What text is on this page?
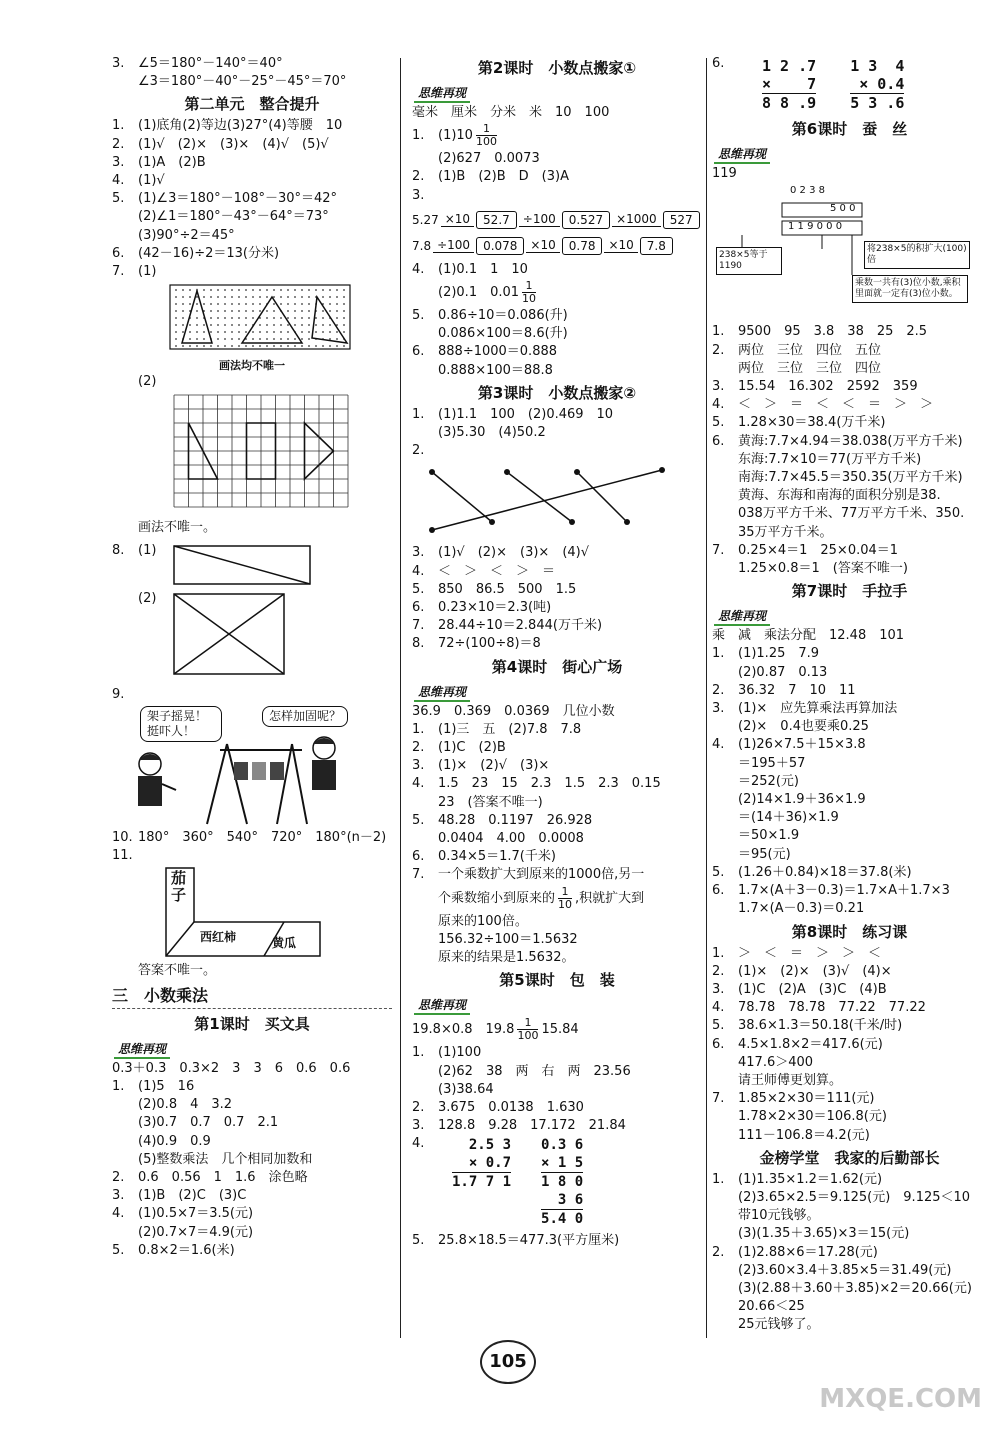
3.	∠5＝180°－140°＝40°
∠3＝180°－40°－25°－45°＝70°
第二单元　整合提升
1.	(1)底角(2)等边(3)27°(4)等腰　10
2.	(1)√　(2)×　(3)×　(4)√　(5)√
3.	(1)A　(2)B
4.	(1)√
5.	(1)∠3＝180°－108°－30°＝42°
(2)∠1＝180°－43°－64°＝73°
(3)90°÷2＝45°
6.	(42－16)÷2＝13(分米)
7.	(1)
画法均不唯一
(2)
画法不唯一。
8.	(1)
(2)
9.
架子摇晃！挺吓人！
怎样加固呢？
10. 180°　360°　540°　720°　180°(n－2)
11.
茄子
西红柿	黄瓜
答案不唯一。
三　小数乘法
第1课时　买文具
思维再现
0.3＋0.3　0.3×2　3　3　6　0.6　0.6
1.	(1)5　16
(2)0.8　4　3.2
(3)0.7　0.7　0.7　2.1
(4)0.9　0.9
(5)整数乘法　几个相同加数和
2.	0.6　0.56　1　1.6　涂色略
3.	(1)B　(2)C　(3)C
4.	(1)0.5×7＝3.5(元)
(2)0.7×7＝4.9(元)
5.	0.8×2＝1.6(米)
第2课时　小数点搬家①
思维再现
毫米　厘米　分米　米　10　100
1.	$(1)10 \frac{1}{100}$
(2)627　0.0073
2.	(1)B　(2)B　D　(3)A
3.
5.27 ×10	52.7	÷100	0.527	×1000	527
7.8 ÷100	0.078	×10	0.78	×10	7.8
4.	(1)0.1　1　10
(2)0.1　$0.01 \frac{1}{10}$
5.	0.86÷10＝0.086(升)
0.086×100＝8.6(升)
6.	888÷1000＝0.888
0.888×100＝88.8
第3课时　小数点搬家②
1.	(1)1.1　100　(2)0.469　10
(3)5.30　(4)50.2
2.
3.	(1)√　(2)×　(3)×　(4)√
4.	＜　＞　＜　＞　＝
5.	850　86.5　500　1.5
6.	0.23×10＝2.3(吨)
7.	28.44÷10＝2.844(万千米)
8.	72÷(100÷8)＝8
第4课时　街心广场
思维再现
36.9　0.369　0.0369　几位小数
1.	(1)三　五　(2)7.8　7.8
2.	(1)C　(2)B
3.	(1)×　(2)√　(3)×
4.	1.5　23　15　2.3　1.5　2.3　0.15
23　(答案不唯一)
5.	48.28　0.1197　26.928
0.0404　4.00　0.0008
6.	0.34×5＝1.7(千米)
7.	一个乘数扩大到原来的1000倍,另一
个乘数缩小到原来的 $\frac{1}{10}$ ,积就扩大到
原来的100倍。
156.32÷100＝1.5632
原来的结果是1.5632。
第5课时　包　装
思维再现
19.8×0.8　$19.8 \frac{1}{100} 15.84$
1.	(1)100
(2)62　38　两　右　两　23.56
(3)38.64
2.	3.675　0.0138　1.630
3.	128.8　9.28　17.172　21.84
4.	2.5 3
× 0.7
1.7 7 1
0.3 6
× 1 5
1 8 0
3 6
5.4 0
5.	25.8×18.5＝477.3(平方厘米)
6.	1 2 .7
×    7
8 8 .9
1 3  4
× 0.4
5 3 .6
第6课时　蚕　丝
思维再现
119
0 2 3 8
5 0 0
1 1 9 0 0 0
238×5等于1190
将238×5的积扩大(100)倍
乘数一共有(3)位小数,乘积里面就一定有(3)位小数。
1.	9500　95　3.8　38　25　2.5
2.	两位　三位　四位　五位
两位　三位　三位　四位
3.	15.54　16.302　2592　359
4.	＜　＞　＝　＜　＜　＝　＞　＞
5.	1.28×30＝38.4(万千米)
6.	黄海:7.7×4.94＝38.038(万平方千米)
东海:7.7×10＝77(万平方千米)
南海:7.7×45.5＝350.35(万平方千米)
黄海、东海和南海的面积分别是38.
038万平方千米、77万平方千米、350.
35万平方千米。
7.	0.25×4＝1　25×0.04＝1
1.25×0.8＝1　(答案不唯一)
第7课时　手拉手
思维再现
乘　减　乘法分配　12.48　101
1.	(1)1.25　7.9
(2)0.87　0.13
2.	36.32　7　10　11
3.	(1)×　应先算乘法再算加法
(2)×　0.4也要乘0.25
4.	(1)26×7.5＋15×3.8
＝195＋57
＝252(元)
(2)14×1.9＋36×1.9
＝(14＋36)×1.9
＝50×1.9
＝95(元)
5.	(1.26＋0.84)×18＝37.8(米)
6.	1.7×(A＋3－0.3)＝1.7×A＋1.7×3
1.7×(A－0.3)＝0.21
第8课时　练习课
1.	＞　＜　＝　＞　＞　＜
2.	(1)×　(2)×　(3)√　(4)×
3.	(1)C　(2)A　(3)C　(4)B
4.	78.78　78.78　77.22　77.22
5.	38.6×1.3＝50.18(千米/时)
6.	4.5×1.8×2＝417.6(元)
417.6＞400
请王师傅更划算。
7.	1.85×2×30＝111(元)
1.78×2×30＝106.8(元)
111－106.8＝4.2(元)
金榜学堂　我家的后勤部长
1.	(1)1.35×1.2＝1.62(元)
(2)3.65×2.5＝9.125(元)　9.125＜10
带10元钱够。
(3)(1.35＋3.65)×3＝15(元)
2.	(1)2.88×6＝17.28(元)
(2)3.60×3.4＋3.85×5＝31.49(元)
(3)(2.88＋3.60＋3.85)×2＝20.66(元)
20.66＜25
25元钱够了。
105
MXQE.COM
